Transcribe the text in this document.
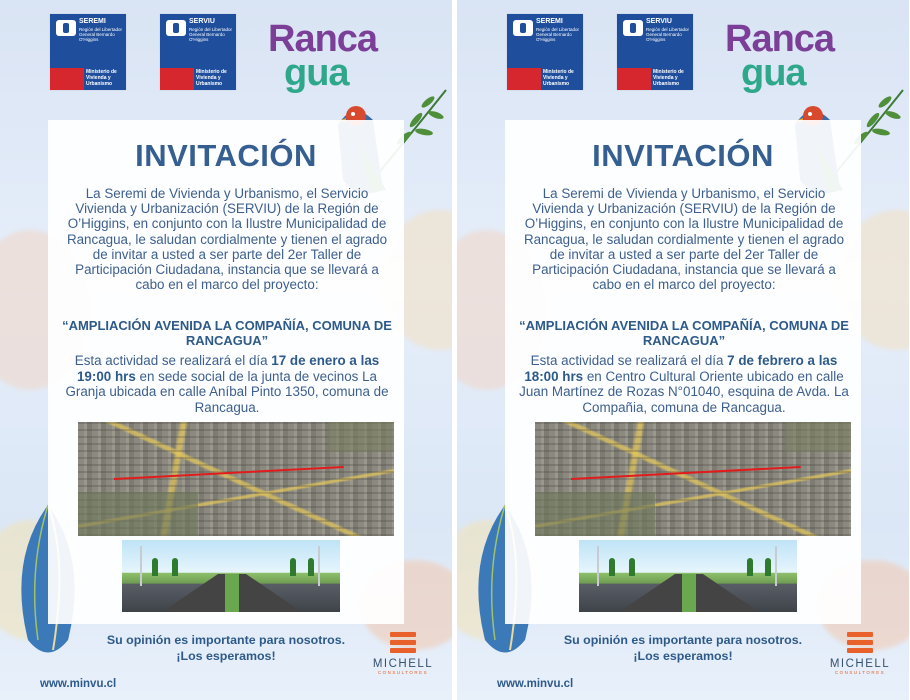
SEREMI
Región del Libertador General Bernardo O'Higgins
Ministerio de Vivienda y Urbanismo
SERVIU
Región del Libertador General Bernardo O'Higgins
Ministerio de Vivienda y Urbanismo
Ranca
gua
INVITACIÓN
La Seremi de Vivienda y Urbanismo, el Servicio Vivienda y Urbanización (SERVIU) de la Región de O’Higgins, en conjunto con la Ilustre Municipalidad de Rancagua, le saludan cordialmente y tienen el agrado de invitar a usted a ser parte del 2er Taller de Participación Ciudadana, instancia que se llevará a cabo en el marco del proyecto:
“AMPLIACIÓN AVENIDA LA COMPAÑÍA, COMUNA DE RANCAGUA”
Esta actividad se realizará el día 17 de enero a las 19:00 hrs en sede social de la junta de vecinos La Granja ubicada en calle Aníbal Pinto 1350, comuna de Rancagua.
Su opinión es importante para nosotros.
¡Los esperamos!
www.minvu.cl
MICHELL
CONSULTORES
SEREMI
Región del Libertador General Bernardo O'Higgins
Ministerio de Vivienda y Urbanismo
SERVIU
Región del Libertador General Bernardo O'Higgins
Ministerio de Vivienda y Urbanismo
Ranca
gua
INVITACIÓN
La Seremi de Vivienda y Urbanismo, el Servicio Vivienda y Urbanización (SERVIU) de la Región de O’Higgins, en conjunto con la Ilustre Municipalidad de Rancagua, le saludan cordialmente y tienen el agrado de invitar a usted a ser parte del 2er Taller de Participación Ciudadana, instancia que se llevará a cabo en el marco del proyecto:
“AMPLIACIÓN AVENIDA LA COMPAÑÍA, COMUNA DE RANCAGUA”
Esta actividad se realizará el día 7 de febrero a las 18:00 hrs en Centro Cultural Oriente ubicado en calle Juan Martínez de Rozas N°01040, esquina de Avda. La Compañia, comuna de Rancagua.
Su opinión es importante para nosotros.
¡Los esperamos!
www.minvu.cl
MICHELL
CONSULTORES
